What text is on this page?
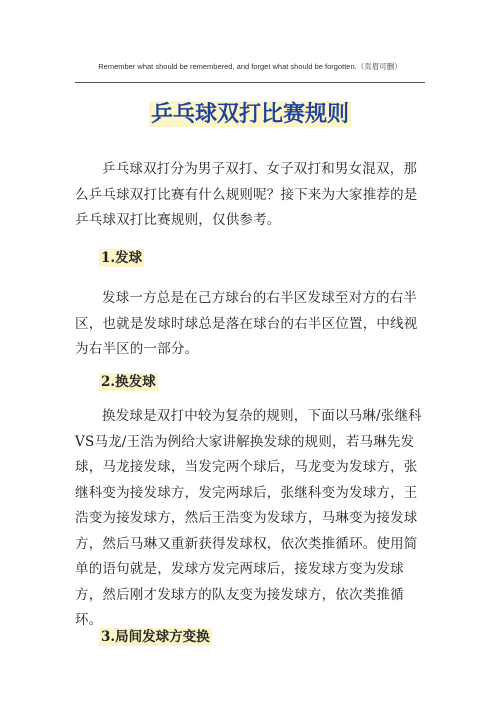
Remember what should be remembered, and forget what should be forgotten.（页眉可删）
乒乓球双打比赛规则

乒乓球双打分为男子双打、女子双打和男女混双，那么乒乓球双打比赛有什么规则呢？接下来为大家推荐的是乒乓球双打比赛规则，仅供参考。

1.发球

发球一方总是在己方球台的右半区发球至对方的右半区，也就是发球时球总是落在球台的右半区位置，中线视为右半区的一部分。

2.换发球

换发球是双打中较为复杂的规则，下面以马琳/张继科VS马龙/王浩为例给大家讲解换发球的规则，若马琳先发球，马龙接发球，当发完两个球后，马龙变为发球方，张继科变为接发球方，发完两球后，张继科变为发球方，王浩变为接发球方，然后王浩变为发球方，马琳变为接发球方，然后马琳又重新获得发球权，依次类推循环。使用简单的语句就是，发球方发完两球后，接发球方变为发球方，然后刚才发球方的队友变为接发球方，依次类推循环。

3.局间发球方变换
